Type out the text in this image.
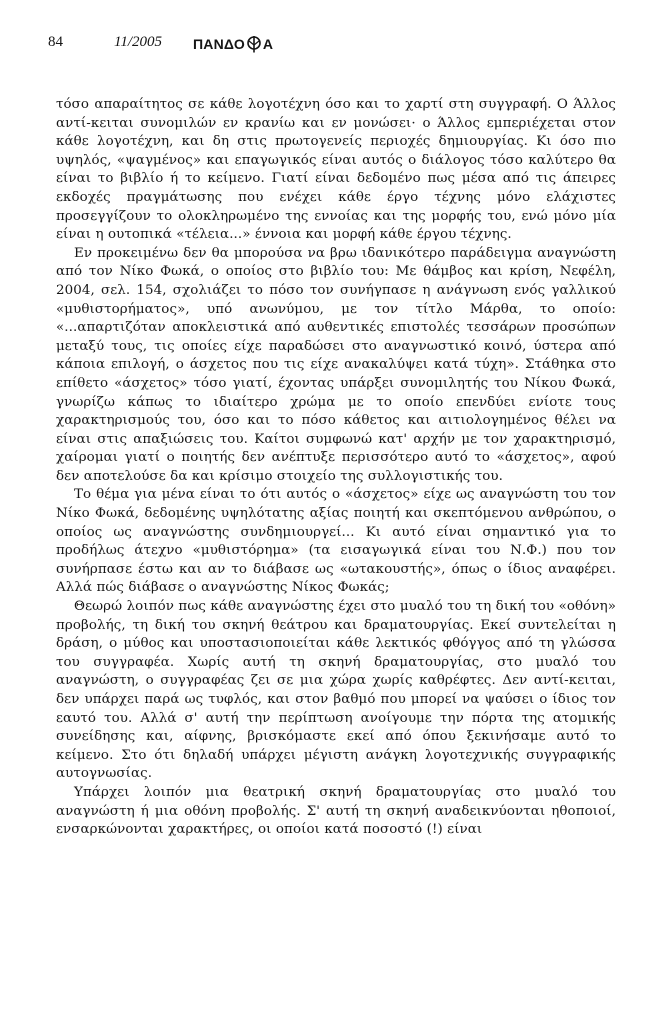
84	11/2005 ΠΑΝΔΟ Α

τόσο απαραίτητος σε κάθε λογοτέχνη όσο και το χαρτί στη συγγραφή. Ο Άλλος αντί-κειται συνομιλών εν κρανίω και εν μονώσει· ο Άλλος εμπεριέχεται στον κάθε λογοτέχνη, και δη στις πρωτογενείς περιοχές δημιουργίας. Κι όσο πιο υψηλός, «ψαγμένος» και επαγωγικός είναι αυτός ο διάλογος τόσο καλύτερο θα είναι το βιβλίο ή το κείμενο. Γιατί είναι δεδομένο πως μέσα από τις άπειρες εκδοχές πραγμάτωσης που ενέχει κάθε έργο τέχνης μόνο ελάχιστες προσεγγίζουν το ολοκληρωμένο της εννοίας και της μορφής του, ενώ μόνο μία είναι η ουτοπικά «τέλεια...» έννοια και μορφή κάθε έργου τέχνης.

Εν προκειμένω δεν θα μπορούσα να βρω ιδανικότερο παράδειγμα αναγνώστη από τον Νίκο Φωκά, ο οποίος στο βιβλίο του: Με θάμβος και κρίση, Νεφέλη, 2004, σελ. 154, σχολιάζει το πόσο τον συνήγπασε η ανάγνωση ενός γαλλικού «μυθιστορήματος», υπό ανωνύμου, με τον τίτλο Μάρθα, το οποίο: «...απαρτιζόταν αποκλειστικά από αυθεντικές επιστολές τεσσάρων προσώπων μεταξύ τους, τις οποίες είχε παραδώσει στο αναγνωστικό κοινό, ύστερα από κάποια επιλογή, ο άσχετος που τις είχε ανακαλύψει κατά τύχη». Στάθηκα στο επίθετο «άσχετος» τόσο γιατί, έχοντας υπάρξει συνομιλητής του Νίκου Φωκά, γνωρίζω κάπως το ιδιαίτερο χρώμα με το οποίο επενδύει ενίοτε τους χαρακτηρισμούς του, όσο και το πόσο κάθετος και αιτιολογημένος θέλει να είναι στις απαξιώσεις του. Καίτοι συμφωνώ κατ' αρχήν με τον χαρακτηρισμό, χαίρομαι γιατί ο ποιητής δεν ανέπτυξε περισσότερο αυτό το «άσχετος», αφού δεν αποτελούσε δα και κρίσιμο στοιχείο της συλλογιστικής του.

Το θέμα για μένα είναι το ότι αυτός ο «άσχετος» είχε ως αναγνώστη του τον Νίκο Φωκά, δεδομένης υψηλότατης αξίας ποιητή και σκεπτόμενου ανθρώπου, ο οποίος ως αναγνώστης συνδημιουργεί... Κι αυτό είναι σημαντικό για το προδήλως άτεχνο «μυθιστόρημα» (τα εισαγωγικά είναι του Ν.Φ.) που τον συνήρπασε έστω και αν το διάβασε ως «ωτακουστής», όπως ο ίδιος αναφέρει. Αλλά πώς διάβασε ο αναγνώστης Νίκος Φωκάς;

Θεωρώ λοιπόν πως κάθε αναγνώστης έχει στο μυαλό του τη δική του «οθόνη» προβολής, τη δική του σκηνή θεάτρου και δραματουργίας. Εκεί συντελείται η δράση, ο μύθος και υποστασιοποιείται κάθε λεκτικός φθόγγος από τη γλώσσα του συγγραφέα. Χωρίς αυτή τη σκηνή δραματουργίας, στο μυαλό του αναγνώστη, ο συγγραφέας ζει σε μια χώρα χωρίς καθρέφτες. Δεν αντί-κειται, δεν υπάρχει παρά ως τυφλός, και στον βαθμό που μπορεί να ψαύσει ο ίδιος τον εαυτό του. Αλλά σ' αυτή την περίπτωση ανοίγουμε την πόρτα της ατομικής συνείδησης και, αίφνης, βρισκόμαστε εκεί από όπου ξεκινήσαμε αυτό το κείμενο. Στο ότι δηλαδή υπάρχει μέγιστη ανάγκη λογοτεχνικής συγγραφικής αυτογνωσίας.

Υπάρχει λοιπόν μια θεατρική σκηνή δραματουργίας στο μυαλό του αναγνώστη ή μια οθόνη προβολής. Σ' αυτή τη σκηνή αναδεικνύονται ηθοποιοί, ενσαρκώνονται χαρακτήρες, οι οποίοι κατά ποσοστό (!) είναι
